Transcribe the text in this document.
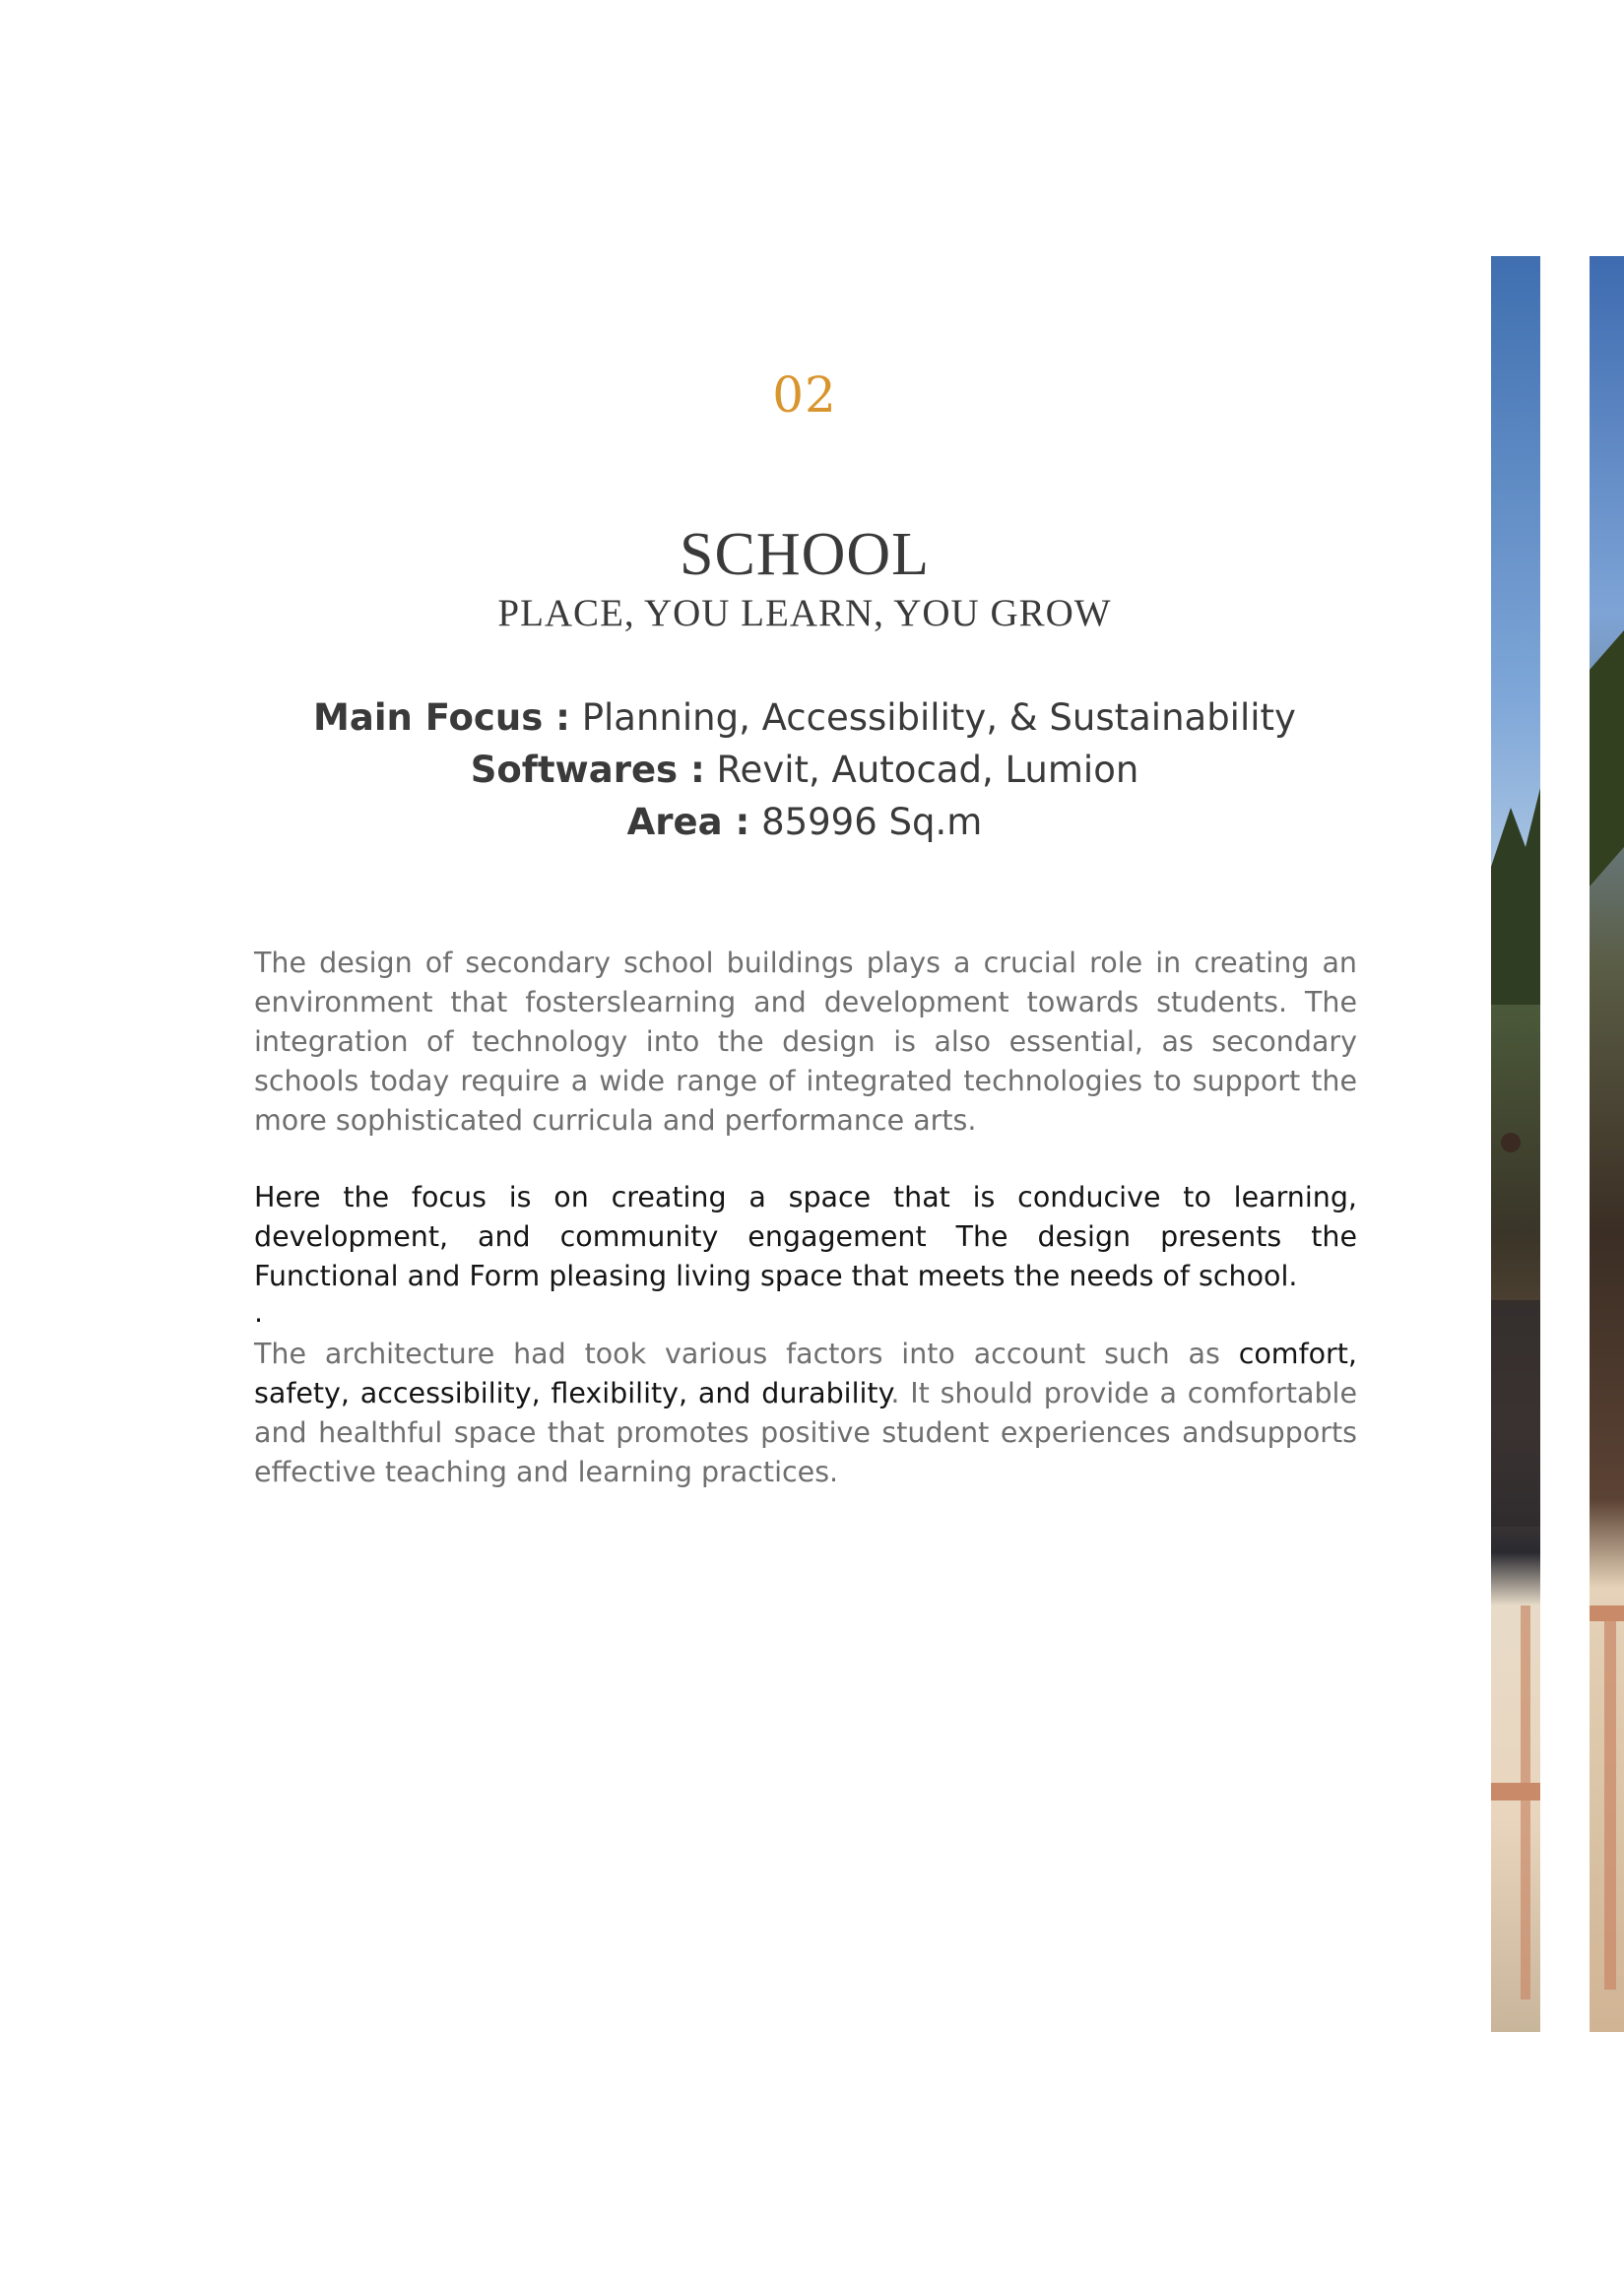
02
SCHOOL
PLACE, YOU LEARN, YOU GROW
Main Focus : Planning, Accessibility, & Sustainability
Softwares : Revit, Autocad, Lumion
Area : 85996 Sq.m
The design of secondary school buildings plays a crucial role in creating an environment that fosterslearning and development towards students. The integration of technology into the design is also essential, as secondary schools today require a wide range of integrated technologies to support the more sophisticated curricula and performance arts.
Here the focus is on creating a space that is conducive to learning, development, and community engagement The design presents the Functional and Form pleasing living space that meets the needs of school.
.
The architecture had took various factors into account such as comfort, safety, accessibility, flexibility, and durability. It should provide a comfortable and healthful space that promotes positive student experiences andsupports effective teaching and learning practices.
